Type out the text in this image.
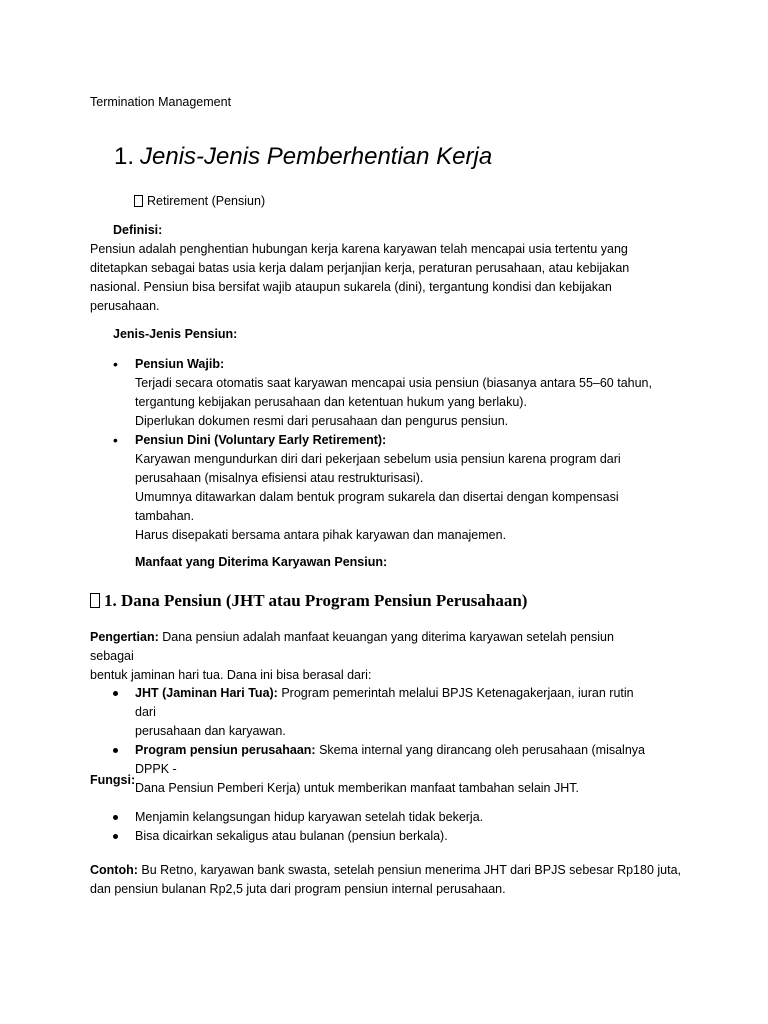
Termination Management
1. Jenis-Jenis Pemberhentian Kerja
Retirement (Pensiun)
Definisi:
Pensiun adalah penghentian hubungan kerja karena karyawan telah mencapai usia tertentu yang
ditetapkan sebagai batas usia kerja dalam perjanjian kerja, peraturan perusahaan, atau kebijakan
nasional. Pensiun bisa bersifat wajib ataupun sukarela (dini), tergantung kondisi dan kebijakan
perusahaan.
Jenis-Jenis Pensiun:
• Pensiun Wajib:
Terjadi secara otomatis saat karyawan mencapai usia pensiun (biasanya antara 55–60 tahun,
tergantung kebijakan perusahaan dan ketentuan hukum yang berlaku).
Diperlukan dokumen resmi dari perusahaan dan pengurus pensiun.
• Pensiun Dini (Voluntary Early Retirement):
Karyawan mengundurkan diri dari pekerjaan sebelum usia pensiun karena program dari
perusahaan (misalnya efisiensi atau restrukturisasi).
Umumnya ditawarkan dalam bentuk program sukarela dan disertai dengan kompensasi
tambahan.
Harus disepakati bersama antara pihak karyawan dan manajemen.
Manfaat yang Diterima Karyawan Pensiun:
1. Dana Pensiun (JHT atau Program Pensiun Perusahaan)
Pengertian: Dana pensiun adalah manfaat keuangan yang diterima karyawan setelah pensiun sebagai
bentuk jaminan hari tua. Dana ini bisa berasal dari:
JHT (Jaminan Hari Tua): Program pemerintah melalui BPJS Ketenagakerjaan, iuran rutin dari
perusahaan dan karyawan.
Program pensiun perusahaan: Skema internal yang dirancang oleh perusahaan (misalnya DPPK -
Dana Pensiun Pemberi Kerja) untuk memberikan manfaat tambahan selain JHT.
Fungsi:
Menjamin kelangsungan hidup karyawan setelah tidak bekerja.
Bisa dicairkan sekaligus atau bulanan (pensiun berkala).
Contoh: Bu Retno, karyawan bank swasta, setelah pensiun menerima JHT dari BPJS sebesar Rp180 juta,
dan pensiun bulanan Rp2,5 juta dari program pensiun internal perusahaan.
